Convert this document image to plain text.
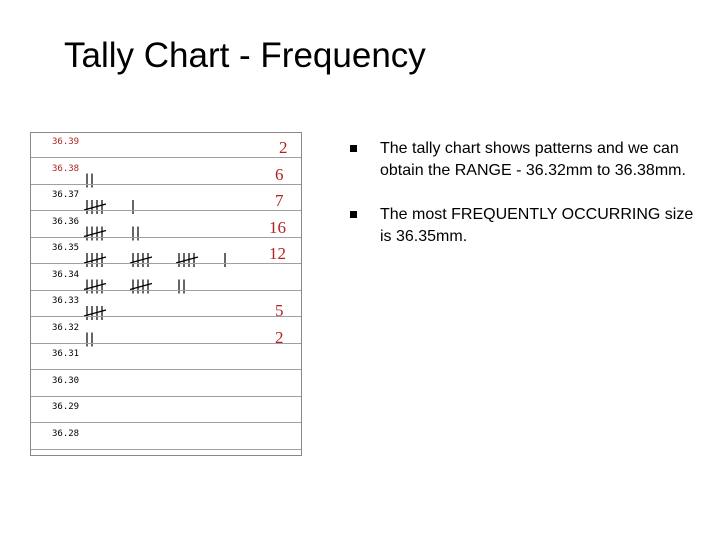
Tally Chart - Frequency
36.39	2
36.38	6
36.37	7
36.36	16
36.35	12
36.34
36.33	5
36.32	2
36.31
36.30
36.29
36.28
The tally chart shows patterns and we can obtain the RANGE - 36.32mm to 36.38mm.
The most FREQUENTLY OCCURRING size is 36.35mm.
